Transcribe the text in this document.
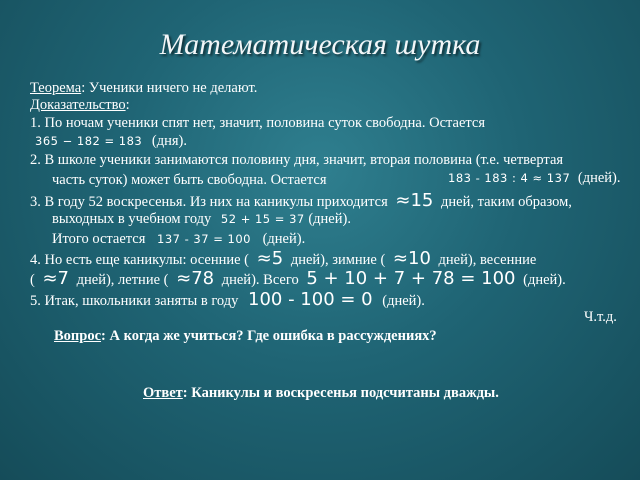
Математическая шутка
Теорема: Ученики ничего не делают.
Доказательство:
1. По ночам ученики спят нет, значит, половина суток свободна. Остается
365 − 182 = 183 (дня).
2. В школе ученики занимаются половину дня, значит, вторая половина (т.е. четвертая
часть суток) может быть свободна. Остается	183 - 183 : 4 ≈ 137 (дней).
3. В году 52 воскресенья. Из них на каникулы приходится ≈15 дней, таким образом,
выходных в учебном году 52 + 15 = 37 (дней).
Итого остается 137 - 37 = 100 (дней).
4. Но есть еще каникулы: осенние ( ≈5 дней), зимние ( ≈10 дней), весенние
( ≈7 дней), летние ( ≈78 дней). Всего 5 + 10 + 7 + 78 = 100 (дней).
5. Итак, школьники заняты в году 100 - 100 = 0 (дней).
Ч.т.д.
Вопрос: А когда же учиться? Где ошибка в рассуждениях?
Ответ: Каникулы и воскресенья подсчитаны дважды.
